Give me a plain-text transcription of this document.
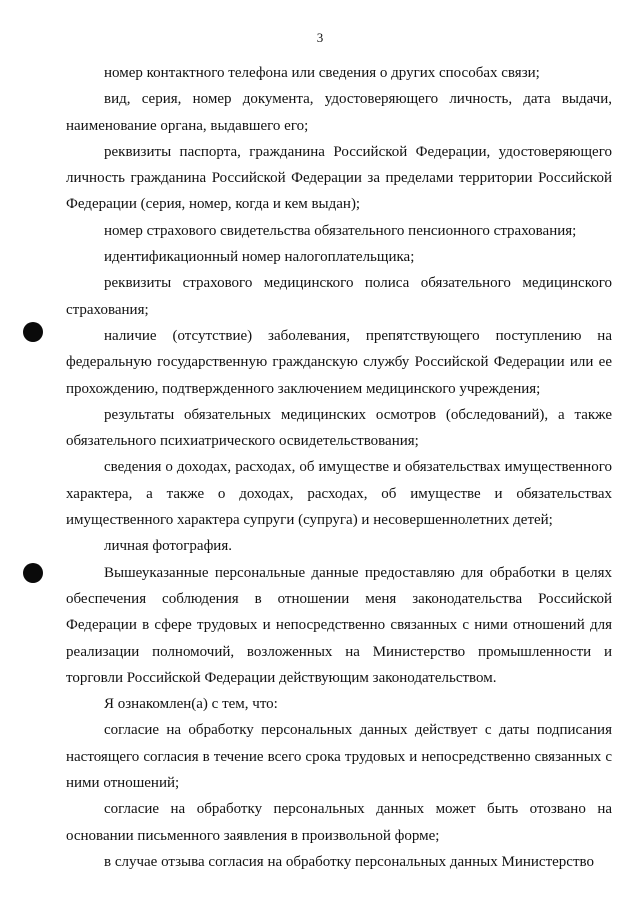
3

номер контактного телефона или сведения о других способах связи;

вид, серия, номер документа, удостоверяющего личность, дата выдачи, наименование органа, выдавшего его;

реквизиты паспорта, гражданина Российской Федерации, удостоверяющего личность гражданина Российской Федерации за пределами территории Российской Федерации (серия, номер, когда и кем выдан);

номер страхового свидетельства обязательного пенсионного страхования;

идентификационный номер налогоплательщика;

реквизиты страхового медицинского полиса обязательного медицинского страхования;

наличие (отсутствие) заболевания, препятствующего поступлению на федеральную государственную гражданскую службу Российской Федерации или ее прохождению, подтвержденного заключением медицинского учреждения;

результаты обязательных медицинских осмотров (обследований), а также обязательного психиатрического освидетельствования;

сведения о доходах, расходах, об имуществе и обязательствах имущественного характера, а также о доходах, расходах, об имуществе и обязательствах имущественного характера супруги (супруга) и несовершеннолетних детей;

личная фотография.

Вышеуказанные персональные данные предоставляю для обработки в целях обеспечения соблюдения в отношении меня законодательства Российской Федерации в сфере трудовых и непосредственно связанных с ними отношений для реализации полномочий, возложенных на Министерство промышленности и торговли Российской Федерации действующим законодательством.

Я ознакомлен(а) с тем, что:

согласие на обработку персональных данных действует с даты подписания настоящего согласия в течение всего срока трудовых и непосредственно связанных с ними отношений;

согласие на обработку персональных данных может быть отозвано на основании письменного заявления в произвольной форме;

в случае отзыва согласия на обработку персональных данных Министерство
